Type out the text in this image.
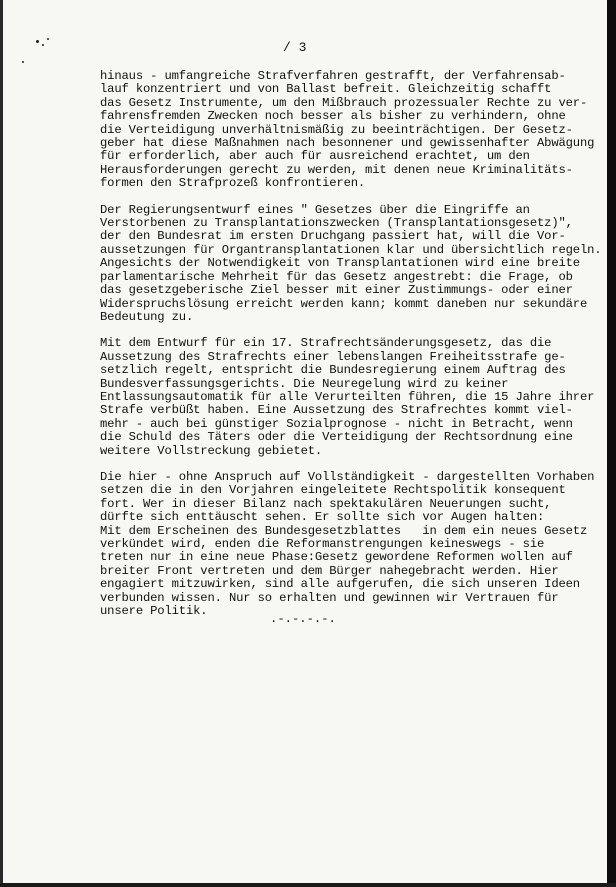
/ 3

hinaus - umfangreiche Strafverfahren gestrafft, der Verfahrensab-
lauf konzentriert und von Ballast befreit. Gleichzeitig schafft
das Gesetz Instrumente, um den Mißbrauch prozessualer Rechte zu ver-
fahrensfremden Zwecken noch besser als bisher zu verhindern, ohne
die Verteidigung unverhältnismäßig zu beeinträchtigen. Der Gesetz-
geber hat diese Maßnahmen nach besonnener und gewissenhafter Abwägung
für erforderlich, aber auch für ausreichend erachtet, um den
Herausforderungen gerecht zu werden, mit denen neue Kriminalitäts-
formen den Strafprozeß konfrontieren.

Der Regierungsentwurf eines " Gesetzes über die Eingriffe an
Verstorbenen zu Transplantationszwecken (Transplantationsgesetz)",
der den Bundesrat im ersten Druchgang passiert hat, will die Vor-
aussetzungen für Organtransplantationen klar und übersichtlich regeln.
Angesichts der Notwendigkeit von Transplantationen wird eine breite
parlamentarische Mehrheit für das Gesetz angestrebt: die Frage, ob
das gesetzgeberische Ziel besser mit einer Zustimmungs- oder einer
Widerspruchslösung erreicht werden kann; kommt daneben nur sekundäre
Bedeutung zu.

Mit dem Entwurf für ein 17. Strafrechtsänderungsgesetz, das die
Aussetzung des Strafrechts einer lebenslangen Freiheitsstrafe ge-
setzlich regelt, entspricht die Bundesregierung einem Auftrag des
Bundesverfassungsgerichts. Die Neuregelung wird zu keiner
Entlassungsautomatik für alle Verurteilten führen, die 15 Jahre ihrer
Strafe verbüßt haben. Eine Aussetzung des Strafrechtes kommt viel-
mehr - auch bei günstiger Sozialprognose - nicht in Betracht, wenn
die Schuld des Täters oder die Verteidigung der Rechtsordnung eine
weitere Vollstreckung gebietet.

Die hier - ohne Anspruch auf Vollständigkeit - dargestellten Vorhaben
setzen die in den Vorjahren eingeleitete Rechtspolitik konsequent
fort. Wer in dieser Bilanz nach spektakulären Neuerungen sucht,
dürfte sich enttäuscht sehen. Er sollte sich vor Augen halten:
Mit dem Erscheinen des Bundesgesetzblattes   in dem ein neues Gesetz
verkündet wird, enden die Reformanstrengungen keineswegs - sie
treten nur in eine neue Phase:Gesetz gewordene Reformen wollen auf
breiter Front vertreten und dem Bürger nahegebracht werden. Hier
engagiert mitzuwirken, sind alle aufgerufen, die sich unseren Ideen
verbunden wissen. Nur so erhalten und gewinnen wir Vertrauen für
unsere Politik.

.-.-.-.-.
